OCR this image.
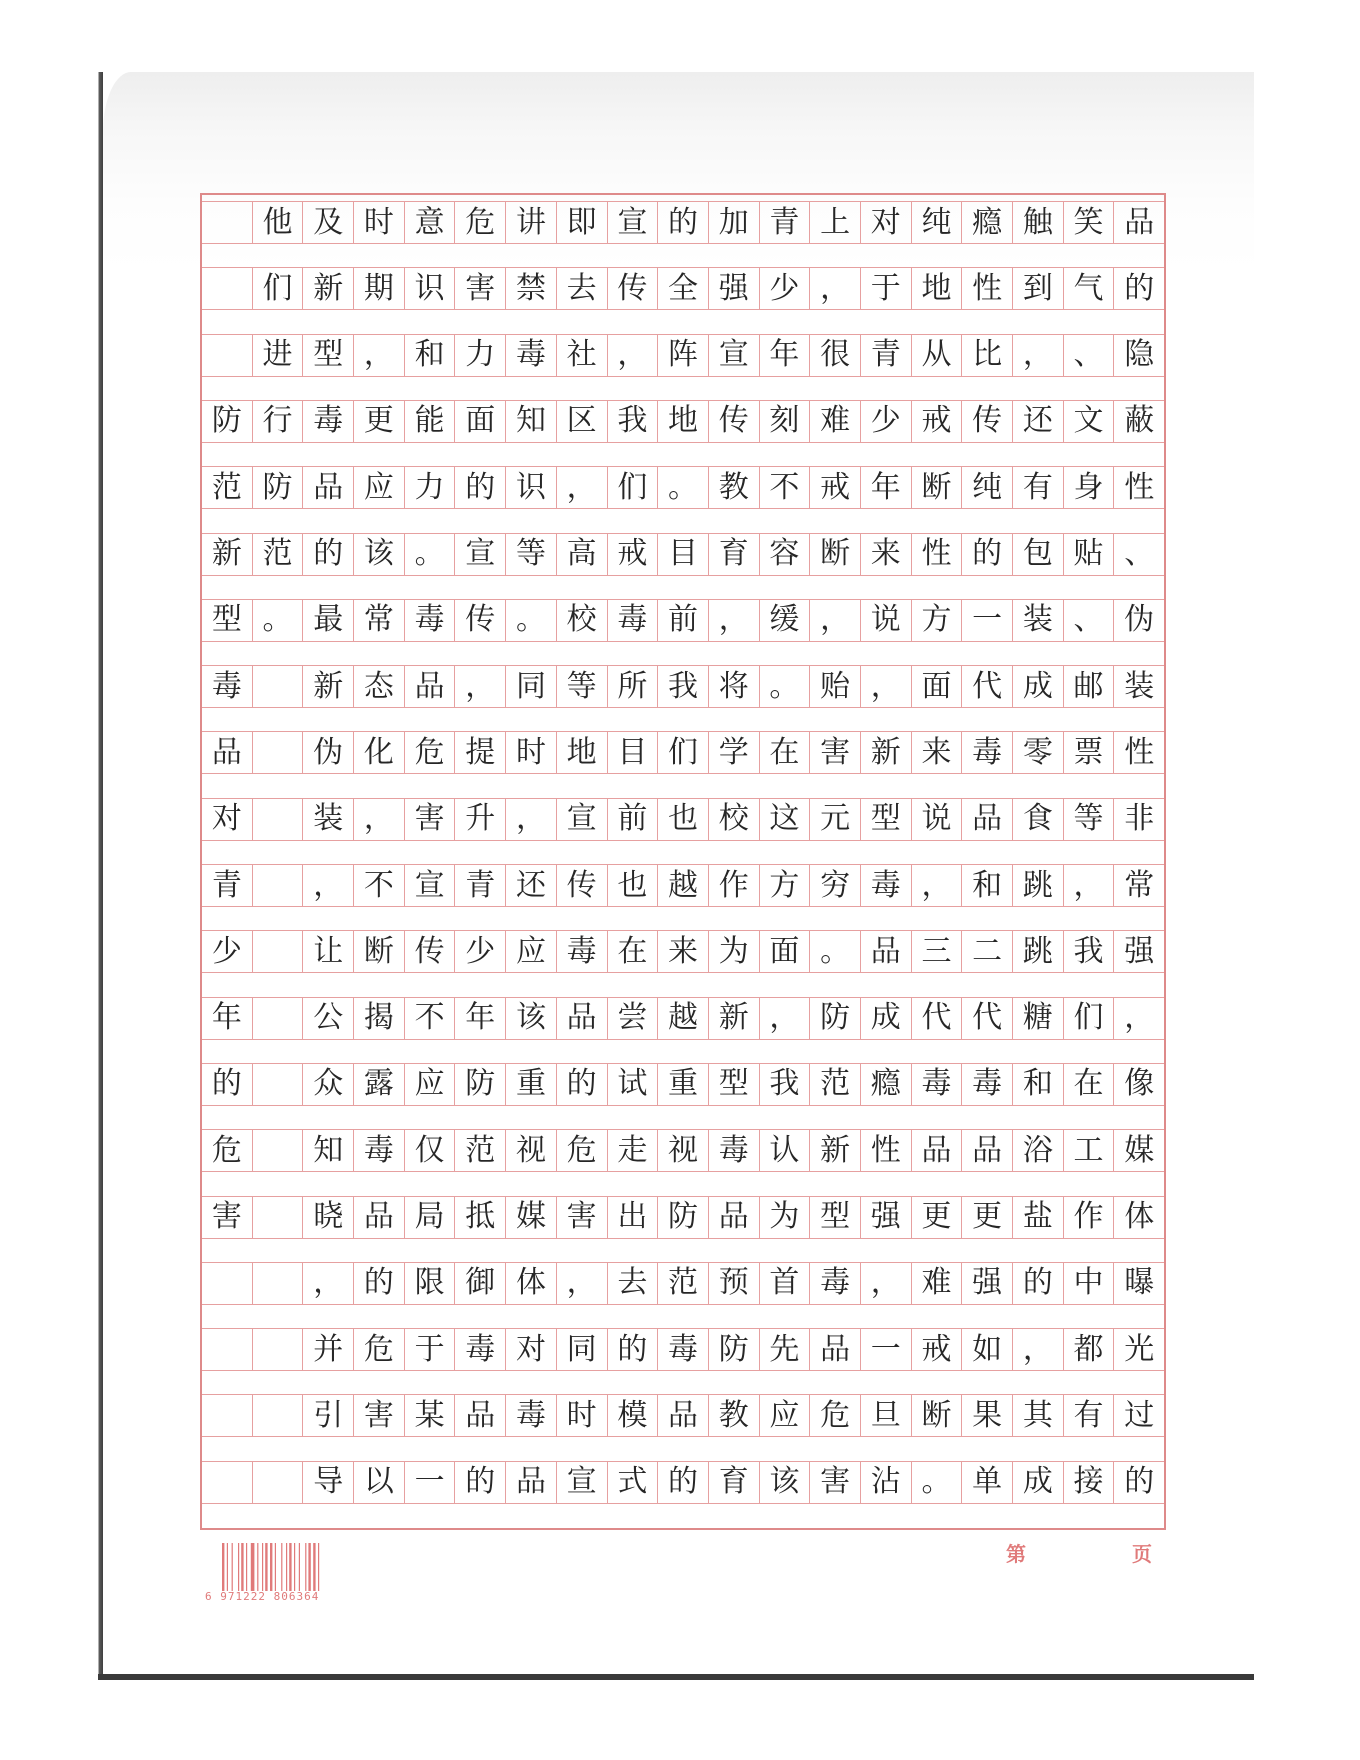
他 及 时 意 危 讲 即 宣 的 加 青 上 对 纯 瘾 触 笑 品
们 新 期 识 害 禁 去 传 全 强 少 ， 于 地 性 到 气 的
进 型 ， 和 力 毒 社 ， 阵 宣 年 很 青 从 比 ， 、 隐
防 行 毒 更 能 面 知 区 我 地 传 刻 难 少 戒 传 还 文 蔽
范 防 品 应 力 的 识 ， 们 。 教 不 戒 年 断 纯 有 身 性
新 范 的 该 。 宣 等 高 戒 目 育 容 断 来 性 的 包 贴 、
型 。 最 常 毒 传 。 校 毒 前 ， 缓 ， 说 方 一 装 、 伪
毒	新 态 品 ， 同 等 所 我 将 。 贻 ， 面 代 成 邮 装
品	伪 化 危 提 时 地 目 们 学 在 害 新 来 毒 零 票 性
对	装 ， 害 升 ， 宣 前 也 校 这 元 型 说 品 食 等 非
青	， 不 宣 青 还 传 也 越 作 方 穷 毒 ， 和 跳 ， 常
少	让 断 传 少 应 毒 在 来 为 面 。 品 三 二 跳 我 强
年	公 揭 不 年 该 品 尝 越 新 ， 防 成 代 代 糖 们 ，
的	众 露 应 防 重 的 试 重 型 我 范 瘾 毒 毒 和 在 像
危	知 毒 仅 范 视 危 走 视 毒 认 新 性 品 品 浴 工 媒
害	晓 品 局 抵 媒 害 出 防 品 为 型 强 更 更 盐 作 体
， 的 限 御 体 ， 去 范 预 首 毒 ， 难 强 的 中 曝
并 危 于 毒 对 同 的 毒 防 先 品 一 戒 如 ， 都 光
引 害 某 品 毒 时 模 品 教 应 危 旦 断 果 其 有 过
导 以 一 的 品 宣 式 的 育 该 害 沾 。 单 成 接 的
6 971222 806364
第	页
